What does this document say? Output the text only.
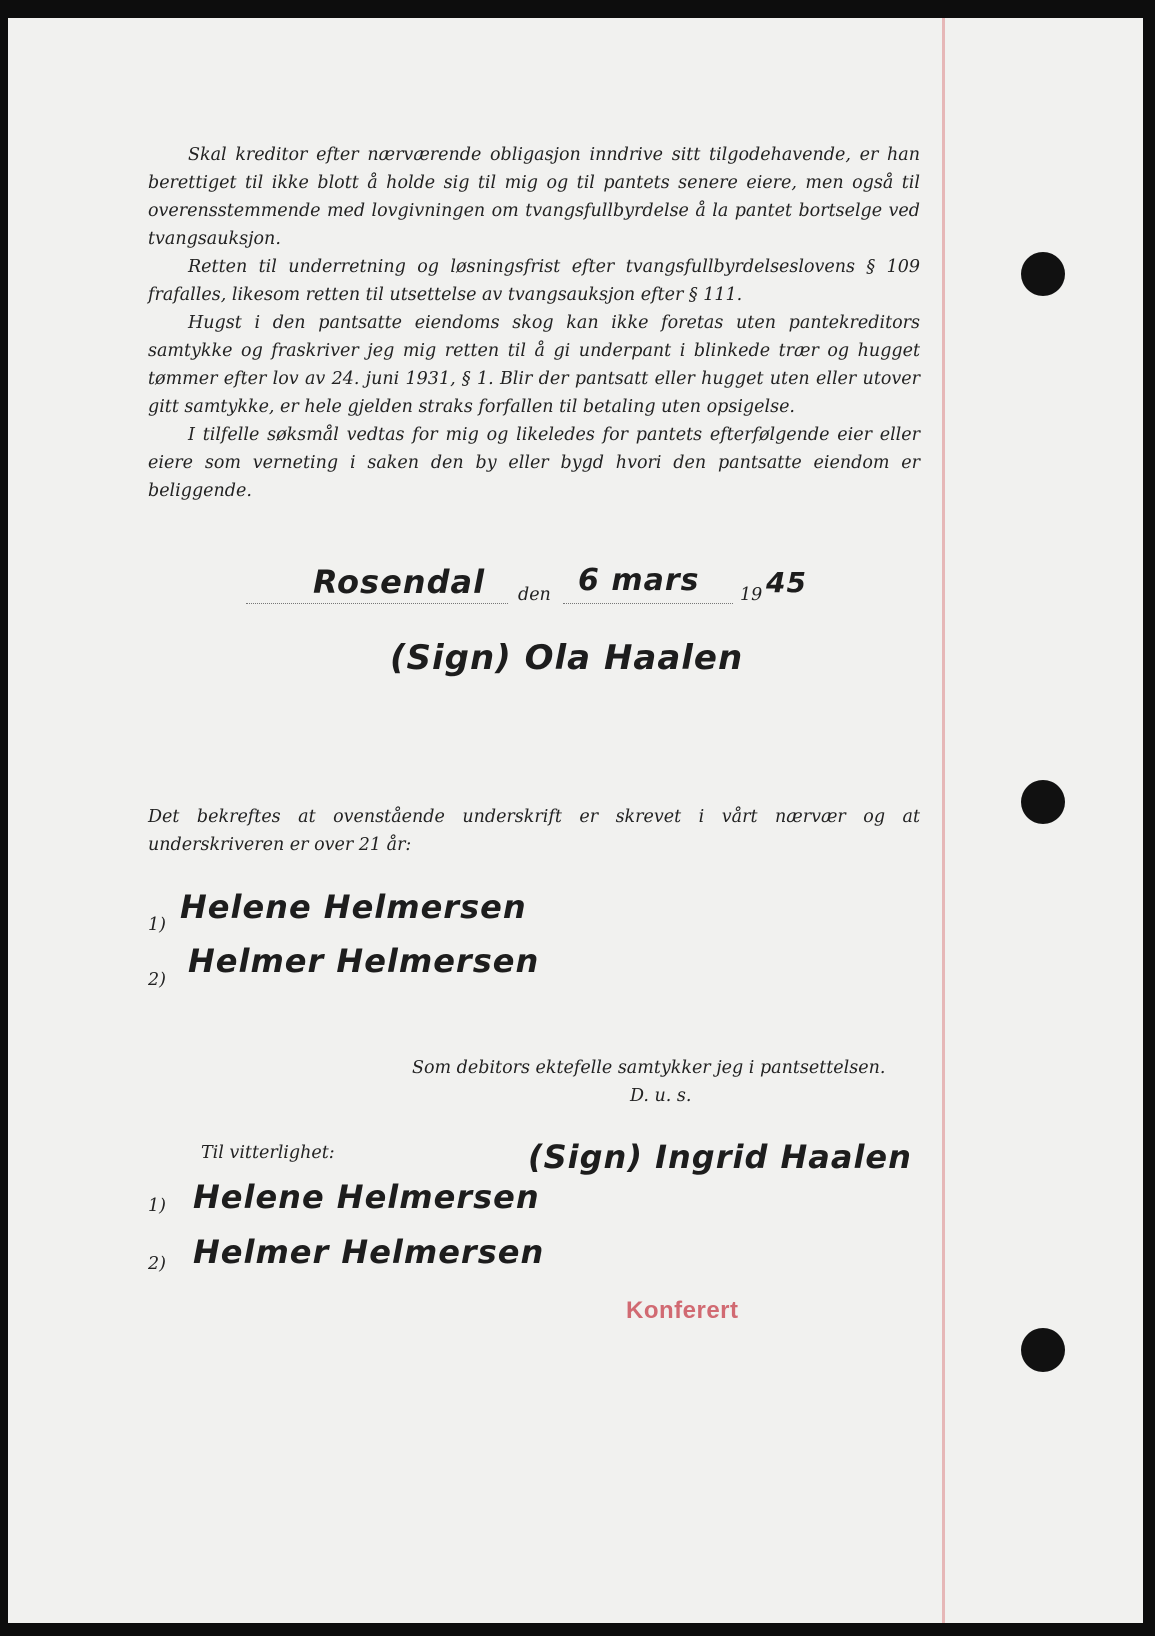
Skal kreditor efter nærværende obligasjon inndrive sitt tilgodehavende, er han berettiget til ikke blott å holde sig til mig og til pantets senere eiere, men også til overensstemmende med lovgivningen om tvangsfullbyrdelse å la pantet bortselge ved tvangsauksjon.

Retten til underretning og løsningsfrist efter tvangsfullbyrdelseslovens § 109 frafalles, likesom retten til utsettelse av tvangsauksjon efter § 111.

Hugst i den pantsatte eiendoms skog kan ikke foretas uten pantekreditors samtykke og fraskriver jeg mig retten til å gi underpant i blinkede trær og hugget tømmer efter lov av 24. juni 1931, § 1. Blir der pantsatt eller hugget uten eller utover gitt samtykke, er hele gjelden straks forfallen til betaling uten opsigelse.

I tilfelle søksmål vedtas for mig og likeledes for pantets efterfølgende eier eller eiere som verneting i saken den by eller bygd hvori den pantsatte eiendom er beliggende.

Rosendal den 6 mars 19 45
(Sign) Ola Haalen
Det bekreftes at ovenstående underskrift er skrevet i vårt nærvær og at underskriveren er over 21 år:
1) Helene Helmersen
2) Helmer Helmersen
Som debitors ektefelle samtykker jeg i pantsettelsen.
D. u. s.
Til vitterlighet:	(Sign) Ingrid Haalen
1) Helene Helmersen
2) Helmer Helmersen
Konferert
